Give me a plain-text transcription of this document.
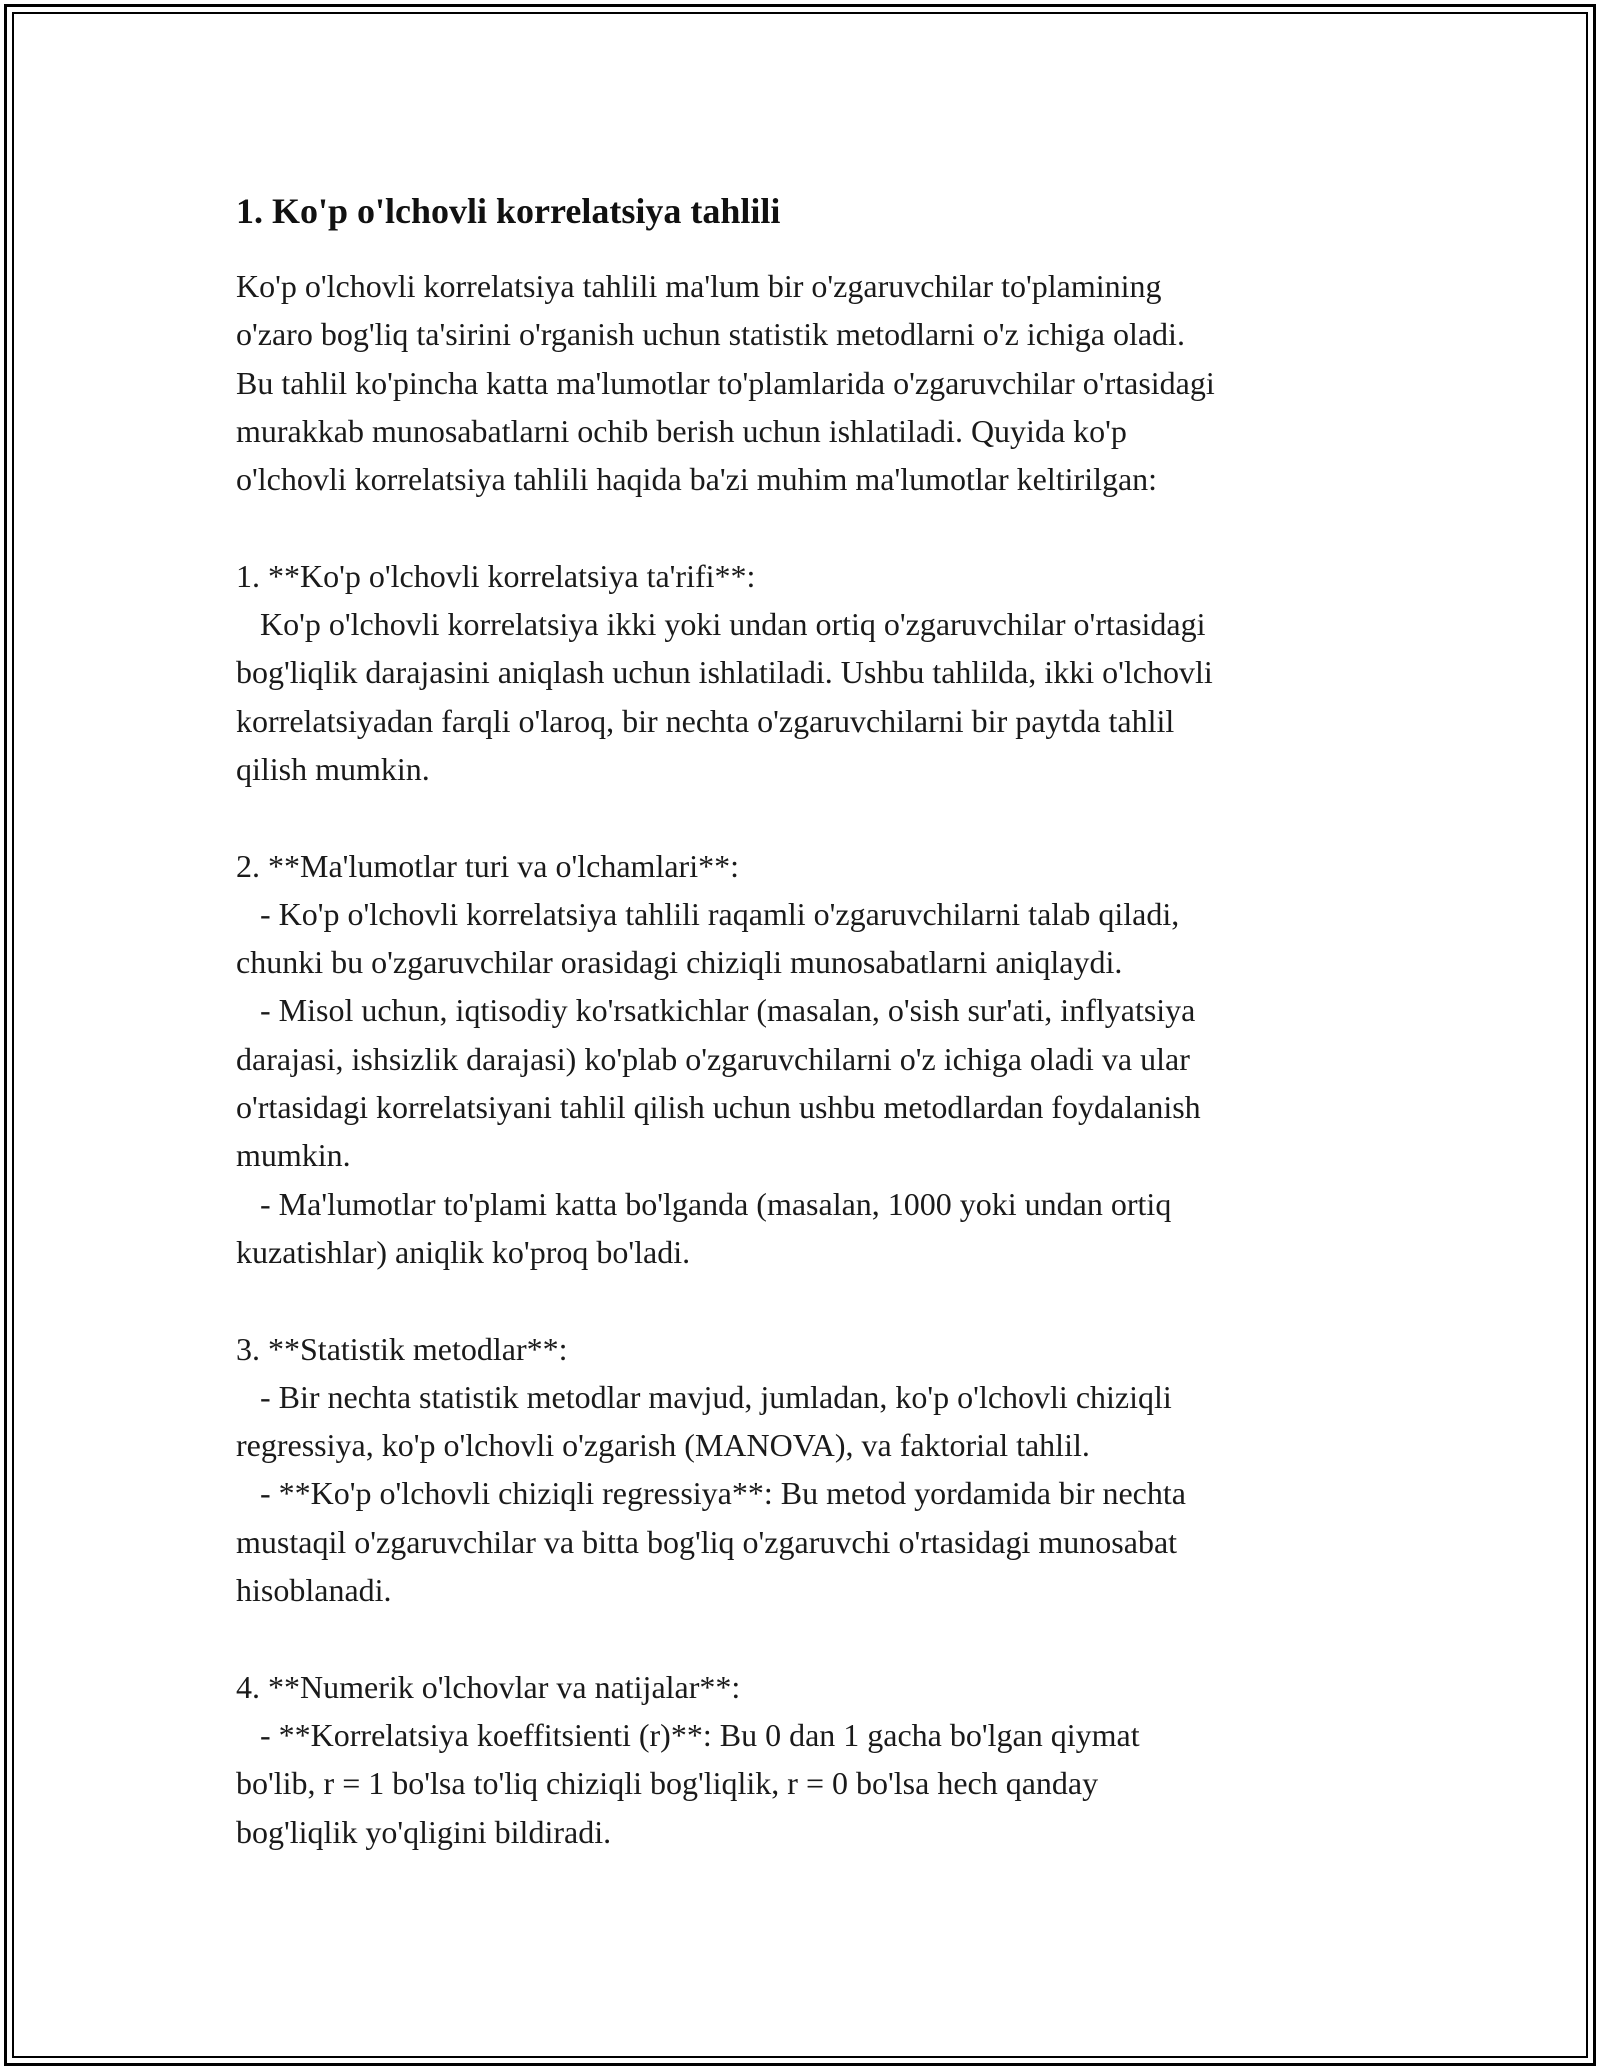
1. Ko'p o'lchovli korrelatsiya tahlili

Ko'p o'lchovli korrelatsiya tahlili ma'lum bir o'zgaruvchilar to'plamining
o'zaro bog'liq ta'sirini o'rganish uchun statistik metodlarni o'z ichiga oladi.
Bu tahlil ko'pincha katta ma'lumotlar to'plamlarida o'zgaruvchilar o'rtasidagi
murakkab munosabatlarni ochib berish uchun ishlatiladi. Quyida ko'p
o'lchovli korrelatsiya tahlili haqida ba'zi muhim ma'lumotlar keltirilgan:

1. **Ko'p o'lchovli korrelatsiya ta'rifi**:

Ko'p o'lchovli korrelatsiya ikki yoki undan ortiq o'zgaruvchilar o'rtasidagi
bog'liqlik darajasini aniqlash uchun ishlatiladi. Ushbu tahlilda, ikki o'lchovli
korrelatsiyadan farqli o'laroq, bir nechta o'zgaruvchilarni bir paytda tahlil
qilish mumkin.

2. **Ma'lumotlar turi va o'lchamlari**:

- Ko'p o'lchovli korrelatsiya tahlili raqamli o'zgaruvchilarni talab qiladi,
chunki bu o'zgaruvchilar orasidagi chiziqli munosabatlarni aniqlaydi.
- Misol uchun, iqtisodiy ko'rsatkichlar (masalan, o'sish sur'ati, inflyatsiya
darajasi, ishsizlik darajasi) ko'plab o'zgaruvchilarni o'z ichiga oladi va ular
o'rtasidagi korrelatsiyani tahlil qilish uchun ushbu metodlardan foydalanish
mumkin.
- Ma'lumotlar to'plami katta bo'lganda (masalan, 1000 yoki undan ortiq
kuzatishlar) aniqlik ko'proq bo'ladi.

3. **Statistik metodlar**:

- Bir nechta statistik metodlar mavjud, jumladan, ko'p o'lchovli chiziqli
regressiya, ko'p o'lchovli o'zgarish (MANOVA), va faktorial tahlil.
- **Ko'p o'lchovli chiziqli regressiya**: Bu metod yordamida bir nechta
mustaqil o'zgaruvchilar va bitta bog'liq o'zgaruvchi o'rtasidagi munosabat
hisoblanadi.

4. **Numerik o'lchovlar va natijalar**:

- **Korrelatsiya koeffitsienti (r)**: Bu 0 dan 1 gacha bo'lgan qiymat
bo'lib, r = 1 bo'lsa to'liq chiziqli bog'liqlik, r = 0 bo'lsa hech qanday
bog'liqlik yo'qligini bildiradi.
